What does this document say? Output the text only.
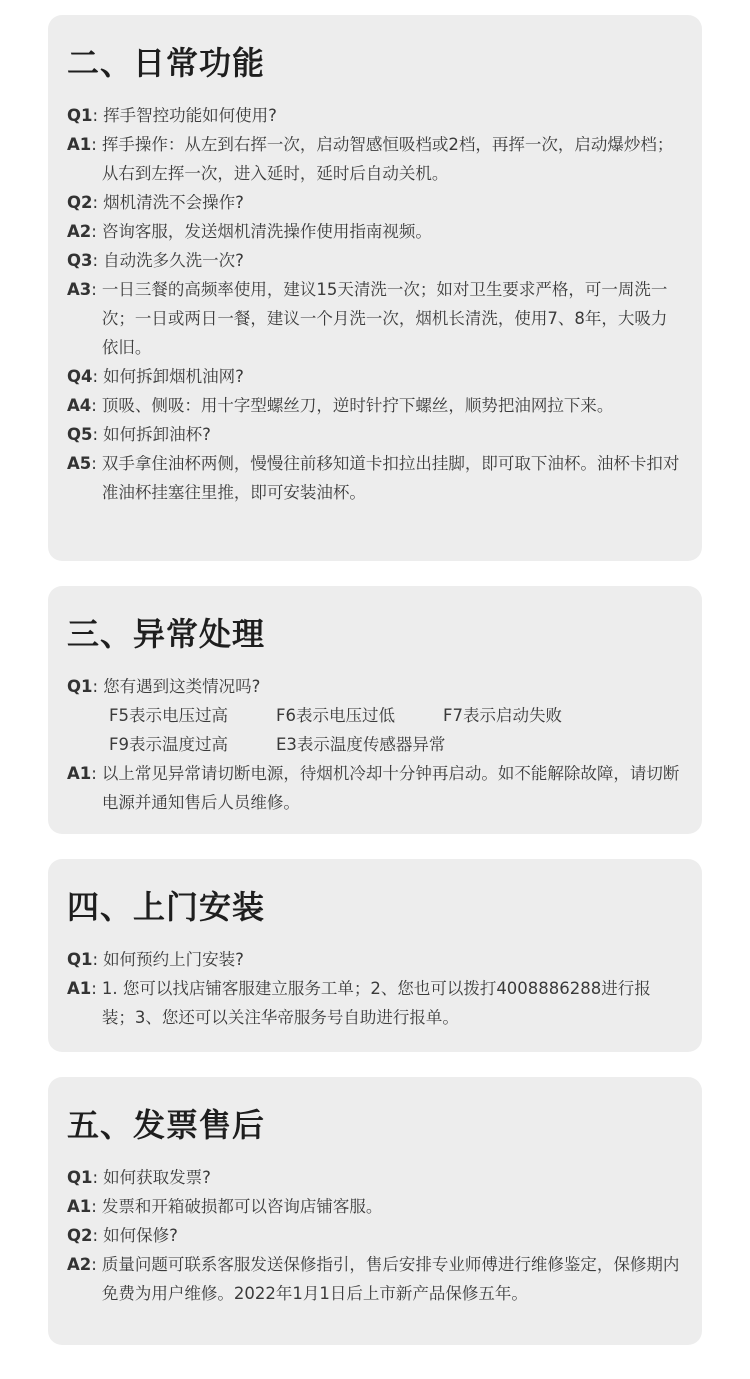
二、日常功能
Q1: 挥手智控功能如何使用?
A1: 挥手操作：从左到右挥一次，启动智感恒吸档或2档，再挥一次，启动爆炒档；从右到左挥一次，进入延时，延时后自动关机。
Q2: 烟机清洗不会操作?
A2: 咨询客服，发送烟机清洗操作使用指南视频。
Q3: 自动洗多久洗一次?
A3: 一日三餐的高频率使用，建议15天清洗一次；如对卫生要求严格，可一周洗一次；一日或两日一餐，建议一个月洗一次，烟机长清洗，使用7、8年，大吸力依旧。
Q4: 如何拆卸烟机油网?
A4: 顶吸、侧吸：用十字型螺丝刀，逆时针拧下螺丝，顺势把油网拉下来。
Q5: 如何拆卸油杯?
A5: 双手拿住油杯两侧，慢慢往前移知道卡扣拉出挂脚，即可取下油杯。油杯卡扣对准油杯挂塞往里推，即可安装油杯。
三、异常处理
Q1: 您有遇到这类情况吗?
F5表示电压过高	F6表示电压过低	F7表示启动失败
F9表示温度过高	E3表示温度传感器异常
A1: 以上常见异常请切断电源，待烟机冷却十分钟再启动。如不能解除故障，请切断电源并通知售后人员维修。
四、上门安装
Q1: 如何预约上门安装?
A1: 1. 您可以找店铺客服建立服务工单；2、您也可以拨打4008886288进行报装；3、您还可以关注华帝服务号自助进行报单。
五、发票售后
Q1: 如何获取发票?
A1: 发票和开箱破损都可以咨询店铺客服。
Q2: 如何保修?
A2: 质量问题可联系客服发送保修指引，售后安排专业师傅进行维修鉴定，保修期内免费为用户维修。2022年1月1日后上市新产品保修五年。
